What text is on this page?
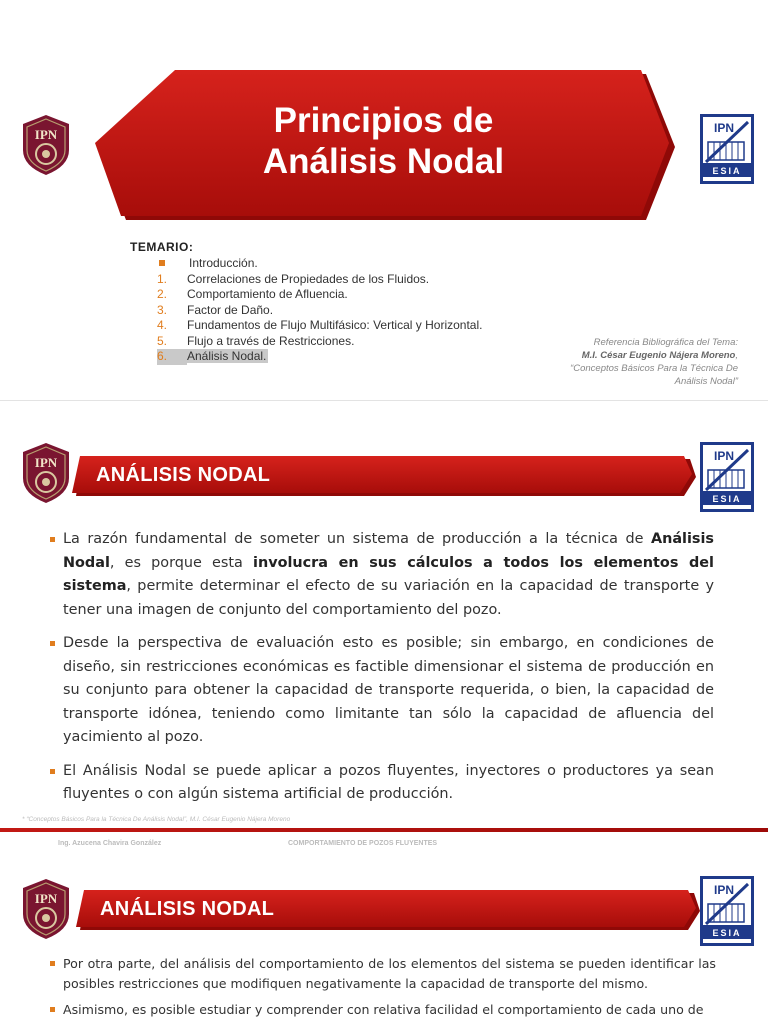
IPN	Principios de
Análisis Nodal
IPN
ESIA
TEMARIO:
Introducción.
1. Correlaciones de Propiedades de los Fluidos.
2. Comportamiento de Afluencia.
3. Factor de Daño.
4. Fundamentos de Flujo Multifásico: Vertical y Horizontal.
5. Flujo a través de Restricciones.
6. Análisis Nodal.
Referencia Bibliográfica del Tema:
M.I. César Eugenio Nájera Moreno,
“Conceptos Básicos Para la Técnica De
Análisis Nodal”
IPN
ANÁLISIS NODAL
IPN
ESIA
La razón fundamental de someter un sistema de producción a la técnica de Análisis Nodal, es porque esta involucra en sus cálculos a todos los elementos del sistema, permite determinar el efecto de su variación en la capacidad de transporte y tener una imagen de conjunto del comportamiento del pozo.
Desde la perspectiva de evaluación esto es posible; sin embargo, en condiciones de diseño, sin restricciones económicas es factible dimensionar el sistema de producción en su conjunto para obtener la capacidad de transporte requerida, o bien, la capacidad de transporte idónea, teniendo como limitante tan sólo la capacidad de afluencia del yacimiento al pozo.
El Análisis Nodal se puede aplicar a pozos fluyentes, inyectores o productores ya sean fluyentes o con algún sistema artificial de producción.
* “Conceptos Básicos Para la Técnica De Análisis Nodal”, M.I. César Eugenio Nájera Moreno
Ing. Azucena Chavira González	COMPORTAMIENTO DE POZOS FLUYENTES
IPN ANÁLISIS NODAL
IPN
ESIA
Por otra parte, del análisis del comportamiento de los elementos del sistema se pueden identificar las posibles restricciones que modifiquen negativamente la capacidad de transporte del mismo.
Asimismo, es posible estudiar y comprender con relativa facilidad el comportamiento de cada uno de
